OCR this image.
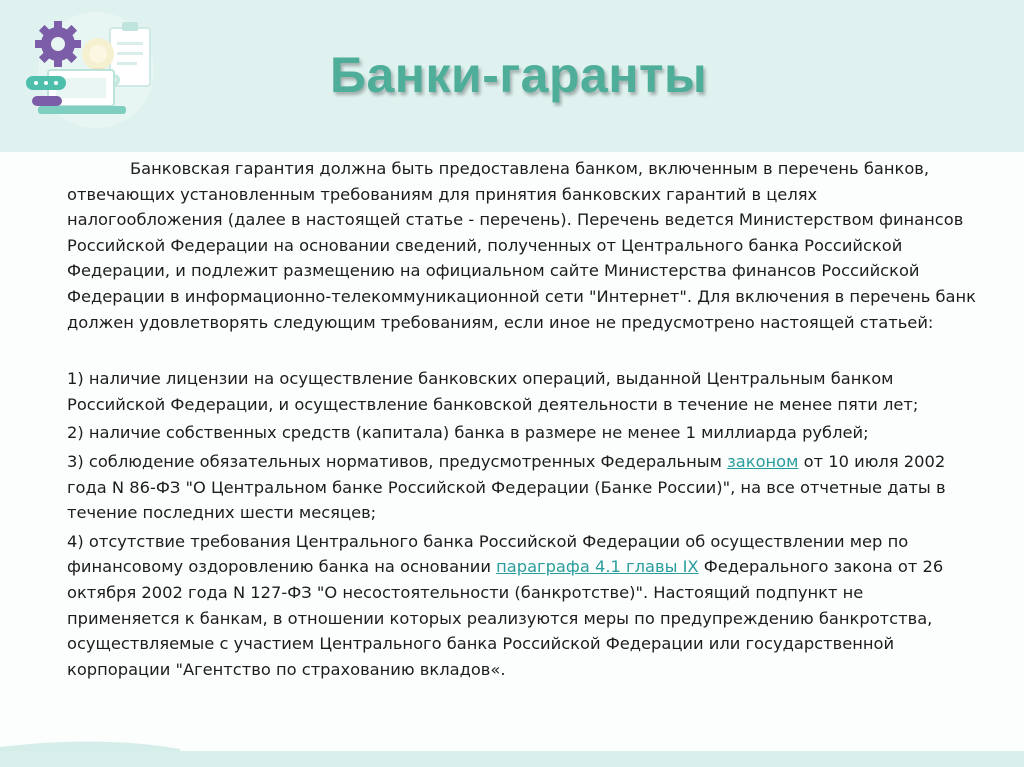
Банки-гаранты

Банковская гарантия должна быть предоставлена банком, включенным в перечень банков, отвечающих установленным требованиям для принятия банковских гарантий в целях налогообложения (далее в настоящей статье - перечень). Перечень ведется Министерством финансов Российской Федерации на основании сведений, полученных от Центрального банка Российской Федерации, и подлежит размещению на официальном сайте Министерства финансов Российской Федерации в информационно-телекоммуникационной сети "Интернет". Для включения в перечень банк должен удовлетворять следующим требованиям, если иное не предусмотрено настоящей статьей:

1) наличие лицензии на осуществление банковских операций, выданной Центральным банком Российской Федерации, и осуществление банковской деятельности в течение не менее пяти лет;

2) наличие собственных средств (капитала) банка в размере не менее 1 миллиарда рублей;

3) соблюдение обязательных нормативов, предусмотренных Федеральным законом от 10 июля 2002 года N 86-ФЗ "О Центральном банке Российской Федерации (Банке России)", на все отчетные даты в течение последних шести месяцев;

4) отсутствие требования Центрального банка Российской Федерации об осуществлении мер по финансовому оздоровлению банка на основании параграфа 4.1 главы IX Федерального закона от 26 октября 2002 года N 127-ФЗ "О несостоятельности (банкротстве)". Настоящий подпункт не применяется к банкам, в отношении которых реализуются меры по предупреждению банкротства, осуществляемые с участием Центрального банка Российской Федерации или государственной корпорации "Агентство по страхованию вкладов«.
